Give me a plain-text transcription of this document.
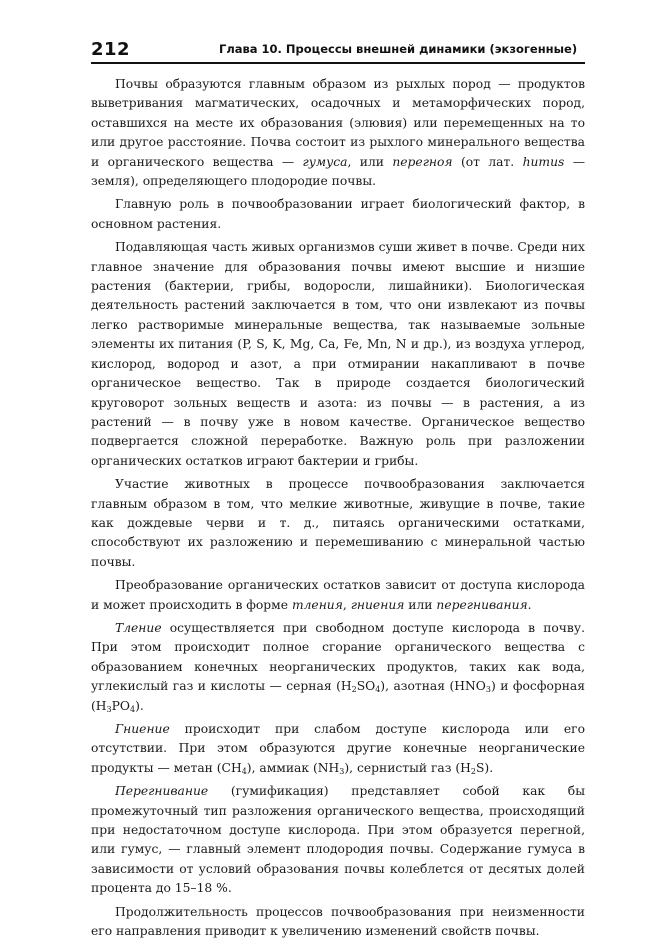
212	Глава 10. Процессы внешней динамики (экзогенные)

Почвы образуются главным образом из рыхлых пород — продуктов выветривания магматических, осадочных и метаморфических пород, оставшихся на месте их образования (элювия) или перемещенных на то или другое расстояние. Почва состоит из рыхлого минерального вещества и органического вещества — гумуса, или перегноя (от лат. humus — земля), определяющего плодородие почвы.

Главную роль в почвообразовании играет биологический фактор, в основном растения.

Подавляющая часть живых организмов суши живет в почве. Среди них главное значение для образования почвы имеют высшие и низшие растения (бактерии, грибы, водоросли, лишайники). Биологическая деятельность растений заключается в том, что они извлекают из почвы легко растворимые минеральные вещества, так называемые зольные элементы их питания (P, S, K, Mg, Ca, Fe, Mn, N и др.), из воздуха углерод, кислород, водород и азот, а при отмирании накапливают в почве органическое вещество. Так в природе создается биологический круговорот зольных веществ и азота: из почвы — в растения, а из растений — в почву уже в новом качестве. Органическое вещество подвергается сложной переработке. Важную роль при разложении органических остатков играют бактерии и грибы.

Участие животных в процессе почвообразования заключается главным образом в том, что мелкие животные, живущие в почве, такие как дождевые черви и т. д., питаясь органическими остатками, способствуют их разложению и перемешиванию с минеральной частью почвы.

Преобразование органических остатков зависит от доступа кислорода и может происходить в форме тления, гниения или перегнивания.

Тление осуществляется при свободном доступе кислорода в почву. При этом происходит полное сгорание органического вещества с образованием конечных неорганических продуктов, таких как вода, углекислый газ и кислоты — серная $(H_2SO_4)$, азотная $(HNO_3)$ и фосфорная $(H_3PO_4)$.

Гниение происходит при слабом доступе кислорода или его отсутствии. При этом образуются другие конечные неорганические продукты — метан $(CH_4)$, аммиак $(NH_3)$, сернистый газ $(H_2S)$.

Перегнивание (гумификация) представляет собой как бы промежуточный тип разложения органического вещества, происходящий при недостаточном доступе кислорода. При этом образуется перегной, или гумус, — главный элемент плодородия почвы. Содержание гумуса в зависимости от условий образования почвы колеблется от десятых долей процента до 15–18 %.

Продолжительность процессов почвообразования при неизменности его направления приводит к увеличению изменений свойств почвы.
